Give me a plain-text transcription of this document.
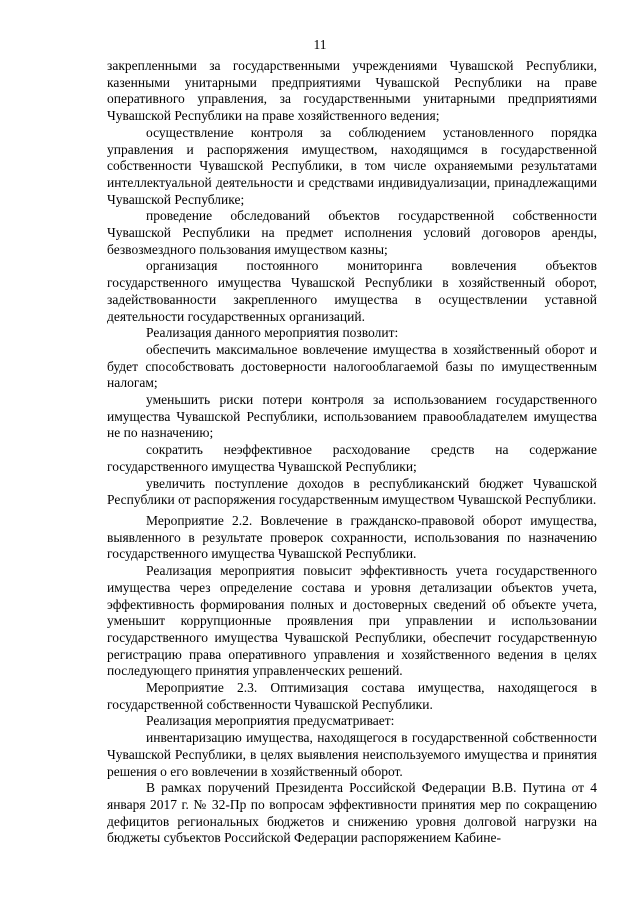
11

закрепленными за государственными учреждениями Чувашской Республики, казенными унитарными предприятиями Чувашской Республики на праве оперативного управления, за государственными унитарными предприятиями Чувашской Республики на праве хозяйственного ведения;

осуществление контроля за соблюдением установленного порядка управления и распоряжения имуществом, находящимся в государственной собственности Чувашской Республики, в том числе охраняемыми результатами интеллектуальной деятельности и средствами индивидуализации, принадлежащими Чувашской Республике;

проведение обследований объектов государственной собственности Чувашской Республики на предмет исполнения условий договоров аренды, безвозмездного пользования имуществом казны;

организация постоянного мониторинга вовлечения объектов государственного имущества Чувашской Республики в хозяйственный оборот, задействованности закрепленного имущества в осуществлении уставной деятельности государственных организаций.

Реализация данного мероприятия позволит:

обеспечить максимальное вовлечение имущества в хозяйственный оборот и будет способствовать достоверности налогооблагаемой базы по имущественным налогам;

уменьшить риски потери контроля за использованием государственного имущества Чувашской Республики, использованием правообладателем имущества не по назначению;

сократить неэффективное расходование средств на содержание государственного имущества Чувашской Республики;

увеличить поступление доходов в республиканский бюджет Чувашской Республики от распоряжения государственным имуществом Чувашской Республики.

Мероприятие 2.2. Вовлечение в гражданско-правовой оборот имущества, выявленного в результате проверок сохранности, использования по назначению государственного имущества Чувашской Республики.

Реализация мероприятия повысит эффективность учета государственного имущества через определение состава и уровня детализации объектов учета, эффективность формирования полных и достоверных сведений об объекте учета, уменьшит коррупционные проявления при управлении и использовании государственного имущества Чувашской Республики, обеспечит государственную регистрацию права оперативного управления и хозяйственного ведения в целях последующего принятия управленческих решений.

Мероприятие 2.3. Оптимизация состава имущества, находящегося в государственной собственности Чувашской Республики.

Реализация мероприятия предусматривает:

инвентаризацию имущества, находящегося в государственной собственности Чувашской Республики, в целях выявления неиспользуемого имущества и принятия решения о его вовлечении в хозяйственный оборот.

В рамках поручений Президента Российской Федерации В.В. Путина от 4 января 2017 г. № 32-Пр по вопросам эффективности принятия мер по сокращению дефицитов региональных бюджетов и снижению уровня долговой нагрузки на бюджеты субъектов Российской Федерации распоряжением Кабине-
